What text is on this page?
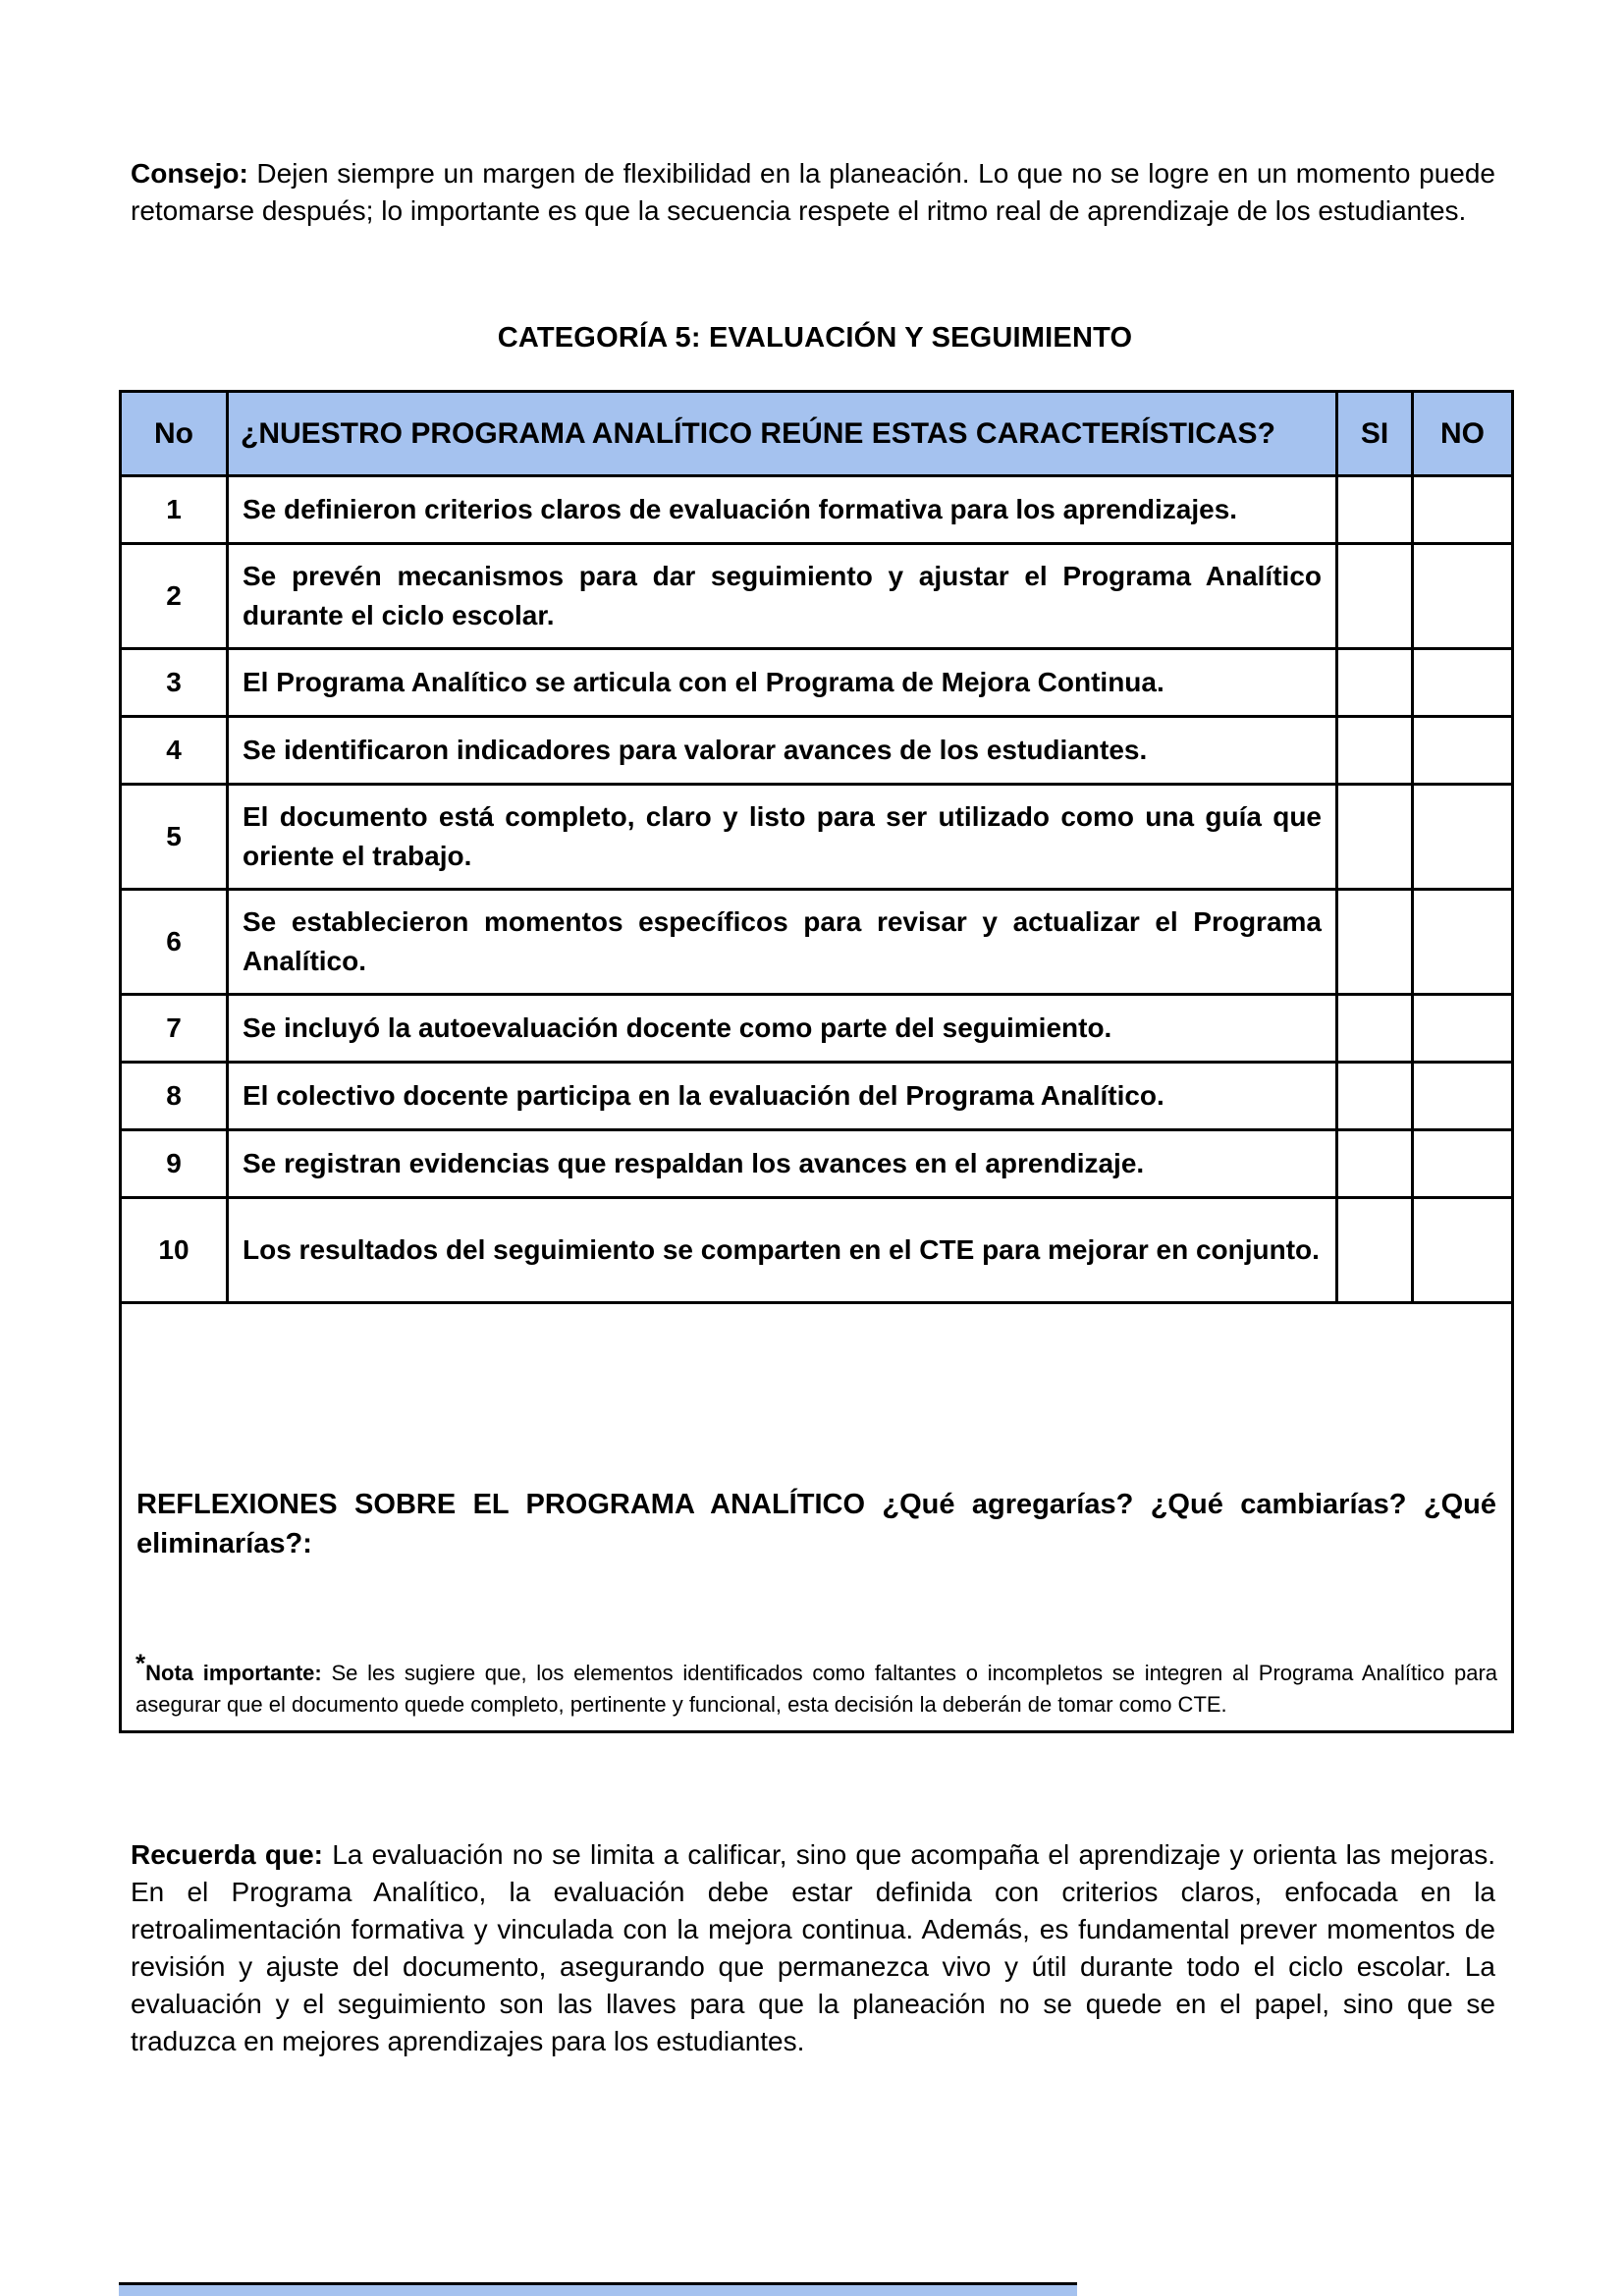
Consejo: Dejen siempre un margen de flexibilidad en la planeación. Lo que no se logre en un momento puede retomarse después; lo importante es que la secuencia respete el ritmo real de aprendizaje de los estudiantes.

CATEGORÍA 5: EVALUACIÓN Y SEGUIMIENTO
No	¿NUESTRO PROGRAMA ANALÍTICO REÚNE ESTAS CARACTERÍSTICAS?	SI	NO
1	Se definieron criterios claros de evaluación formativa para los aprendizajes.		
2	Se prevén mecanismos para dar seguimiento y ajustar el Programa Analítico durante el ciclo escolar.		
3	El Programa Analítico se articula con el Programa de Mejora Continua.		
4	Se identificaron indicadores para valorar avances de los estudiantes.		
5	El documento está completo, claro y listo para ser utilizado como una guía que oriente el trabajo.		
6	Se establecieron momentos específicos para revisar y actualizar el Programa Analítico.		
7	Se incluyó la autoevaluación docente como parte del seguimiento.		
8	El colectivo docente participa en la evaluación del Programa Analítico.		
9	Se registran evidencias que respaldan los avances en el aprendizaje.		
10	Los resultados del seguimiento se comparten en el CTE para mejorar en conjunto.		

REFLEXIONES SOBRE EL PROGRAMA ANALÍTICO ¿Qué agregarías? ¿Qué cambiarías? ¿Qué eliminarías?:
*Nota importante: Se les sugiere que, los elementos identificados como faltantes o incompletos se integren al Programa Analítico para asegurar que el documento quede completo, pertinente y funcional, esta decisión la deberán de tomar como CTE.			

Recuerda que: La evaluación no se limita a calificar, sino que acompaña el aprendizaje y orienta las mejoras. En el Programa Analítico, la evaluación debe estar definida con criterios claros, enfocada en la retroalimentación formativa y vinculada con la mejora continua. Además, es fundamental prever momentos de revisión y ajuste del documento, asegurando que permanezca vivo y útil durante todo el ciclo escolar. La evaluación y el seguimiento son las llaves para que la planeación no se quede en el papel, sino que se traduzca en mejores aprendizajes para los estudiantes.
